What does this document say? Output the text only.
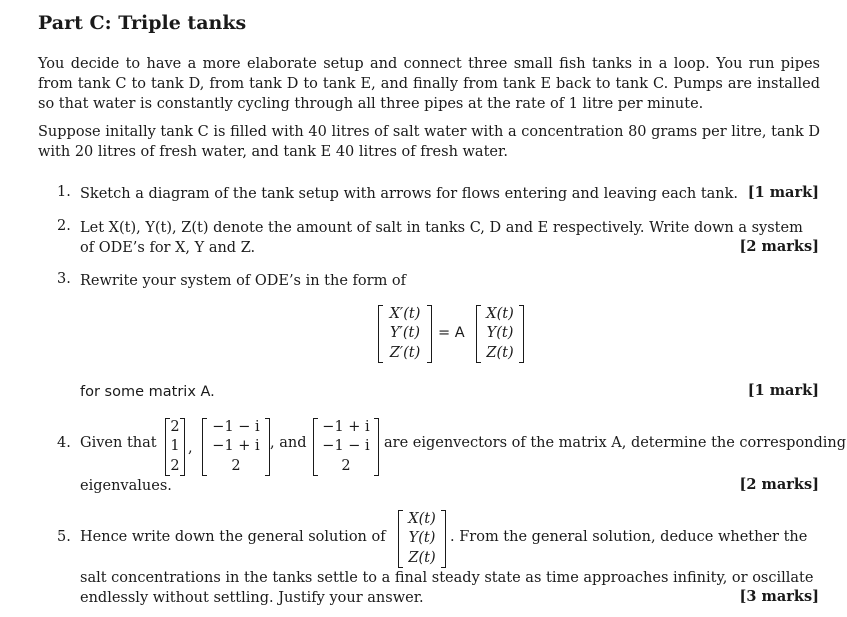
Part C: Triple tanks

You decide to have a more elaborate setup and connect three small fish tanks in a loop. You run pipes from tank C to tank D, from tank D to tank E, and finally from tank E back to tank C. Pumps are installed so that water is constantly cycling through all three pipes at the rate of 1 litre per minute.

Suppose initally tank C is filled with 40 litres of salt water with a concentration 80 grams per litre, tank D with 20 litres of fresh water, and tank E 40 litres of fresh water.

1. Sketch a diagram of the tank setup with arrows for flows entering and leaving each tank. [1 mark]
2. Let X(t), Y(t), Z(t) denote the amount of salt in tanks C, D and E respectively. Write down a system
of ODE’s for X, Y and Z.	[2 marks]
3. Rewrite your system of ODE’s in the form of
X′(t)
Y′(t)
Z′(t)
= A
X(t)
Y(t)
Z(t)
for some matrix A.	[1 mark]
4. Given that
2
1
2
,
−1 − i
−1 + i
2
, and
−1 + i
−1 − i
2
are eigenvectors of the matrix A, determine the corresponding
eigenvalues.	[2 marks]
5. Hence write down the general solution of
X(t)
Y(t)
Z(t)
. From the general solution, deduce whether the
salt concentrations in the tanks settle to a final steady state as time approaches infinity, or oscillate
endlessly without settling. Justify your answer.	[3 marks]
